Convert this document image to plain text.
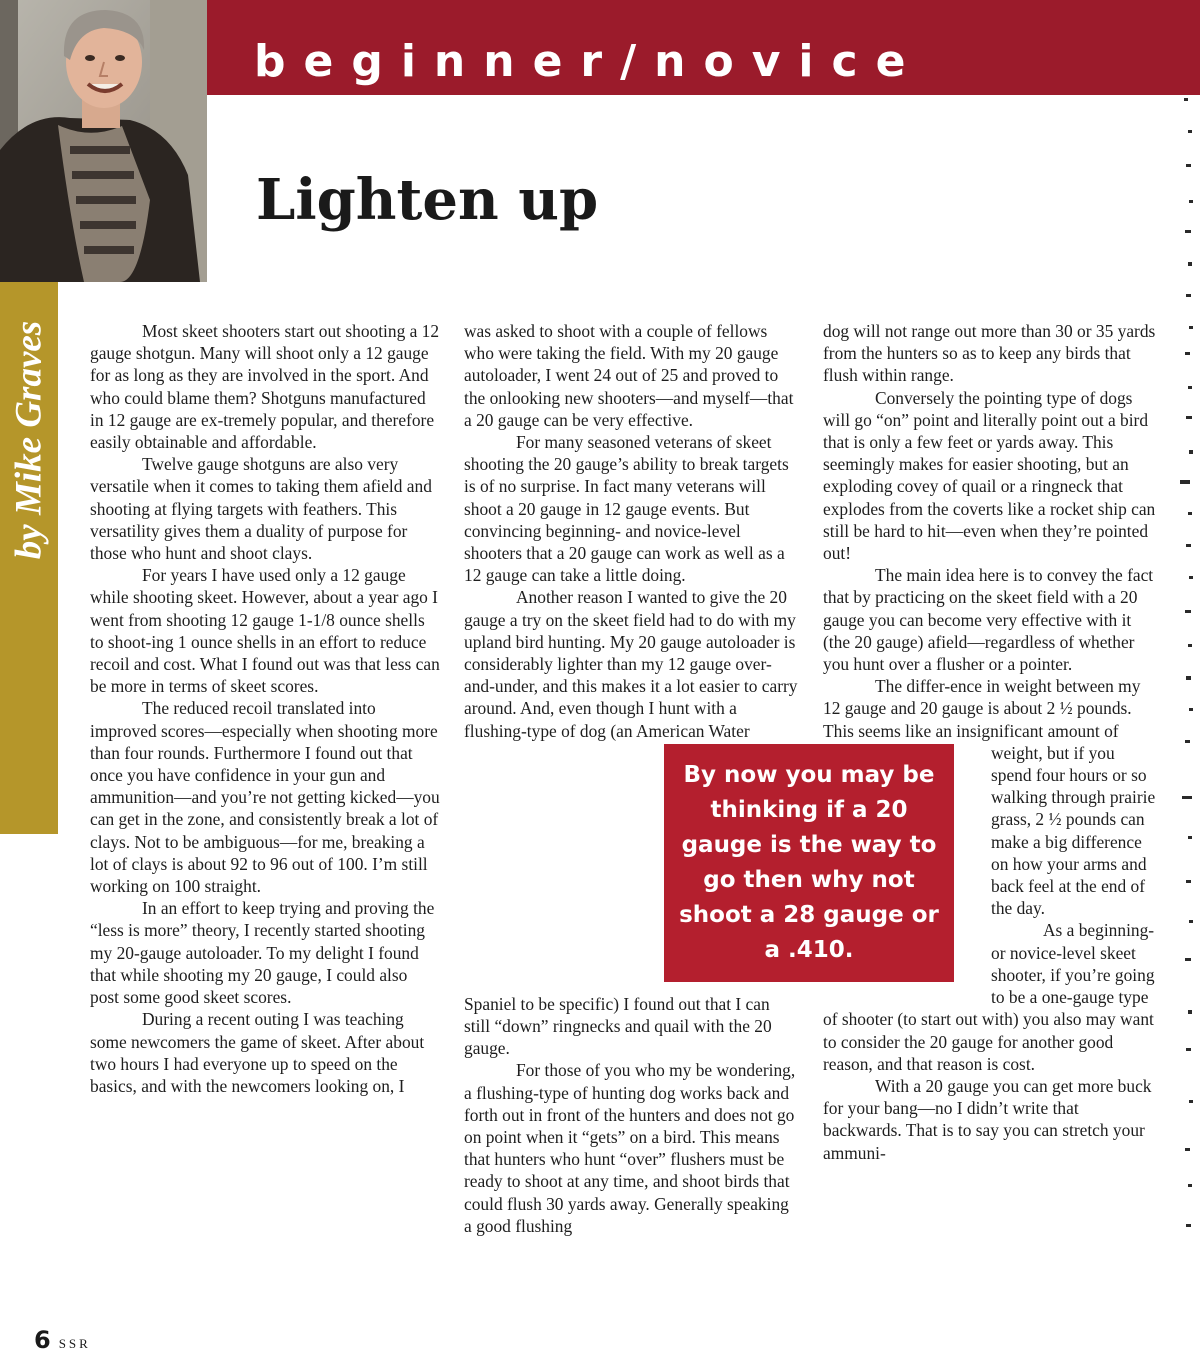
beginner/novice
by Mike Graves
Lighten up

Most skeet shooters start out shooting a 12 gauge shotgun. Many will shoot only a 12 gauge for as long as they are involved in the sport. And who could blame them? Shotguns manufactured in 12 gauge are ex-tremely popular, and therefore easily obtainable and affordable.

Twelve gauge shotguns are also very versatile when it comes to taking them afield and shooting at flying targets with feathers. This versatility gives them a duality of purpose for those who hunt and shoot clays.

For years I have used only a 12 gauge while shooting skeet. However, about a year ago I went from shooting 12 gauge 1-1/8 ounce shells to shoot-ing 1 ounce shells in an effort to reduce recoil and cost. What I found out was that less can be more in terms of skeet scores.

The reduced recoil translated into improved scores—especially when shooting more than four rounds. Furthermore I found out that once you have confidence in your gun and ammunition—and you’re not getting kicked—you can get in the zone, and consistently break a lot of clays. Not to be ambiguous—for me, breaking a lot of clays is about 92 to 96 out of 100. I’m still working on 100 straight.

In an effort to keep trying and proving the “less is more” theory, I recently started shooting my 20-gauge autoloader. To my delight I found that while shooting my 20 gauge, I could also post some good skeet scores.

During a recent outing I was teaching some newcomers the game of skeet. After about two hours I had everyone up to speed on the basics, and with the newcomers looking on, I

was asked to shoot with a couple of fellows who were taking the field. With my 20 gauge autoloader, I went 24 out of 25 and proved to the onlooking new shooters—and myself—that a 20 gauge can be very effective.

For many seasoned veterans of skeet shooting the 20 gauge’s ability to break targets is of no surprise. In fact many veterans will shoot a 20 gauge in 12 gauge events. But convincing beginning- and novice-level shooters that a 20 gauge can work as well as a 12 gauge can take a little doing.

Another reason I wanted to give the 20 gauge a try on the skeet field had to do with my upland bird hunting. My 20 gauge autoloader is considerably lighter than my 12 gauge over-and-under, and this makes it a lot easier to carry around. And, even though I hunt with a flushing-type of dog (an American Water Spaniel to be specific) I found out that I can still “down” ringnecks and quail with the 20 gauge.

For those of you who my be wondering, a flushing-type of hunting dog works back and forth out in front of the hunters and does not go on point when it “gets” on a bird. This means that hunters who hunt “over” flushers must be ready to shoot at any time, and shoot birds that could flush 30 yards away. Generally speaking a good flushing

dog will not range out more than 30 or 35 yards from the hunters so as to keep any birds that flush within range.

Conversely the pointing type of dogs will go “on” point and literally point out a bird that is only a few feet or yards away. This seemingly makes for easier shooting, but an exploding covey of quail or a ringneck that explodes from the coverts like a rocket ship can still be hard to hit—even when they’re pointed out!

The main idea here is to convey the fact that by practicing on the skeet field with a 20 gauge you can become very effective with it (the 20 gauge) afield—regardless of whether you hunt over a flusher or a pointer.

The differ-ence in weight between my 12 gauge and 20 gauge is about 2 ½ pounds. This seems like an insignificant amount of weight, but if you spend four hours or so walking through prairie grass, 2 ½ pounds can make a big difference on how your arms and back feel at the end of the day.

As a beginning- or novice-level skeet shooter, if you’re going to be a one-gauge type of shooter (to start out with) you also may want to consider the 20 gauge for another good reason, and that reason is cost.

With a 20 gauge you can get more buck for your bang—no I didn’t write that backwards. That is to say you can stretch your ammuni-

By now you may be thinking if a 20 gauge is the way to go then why not shoot a 28 gauge or a .410.
6 SSR
